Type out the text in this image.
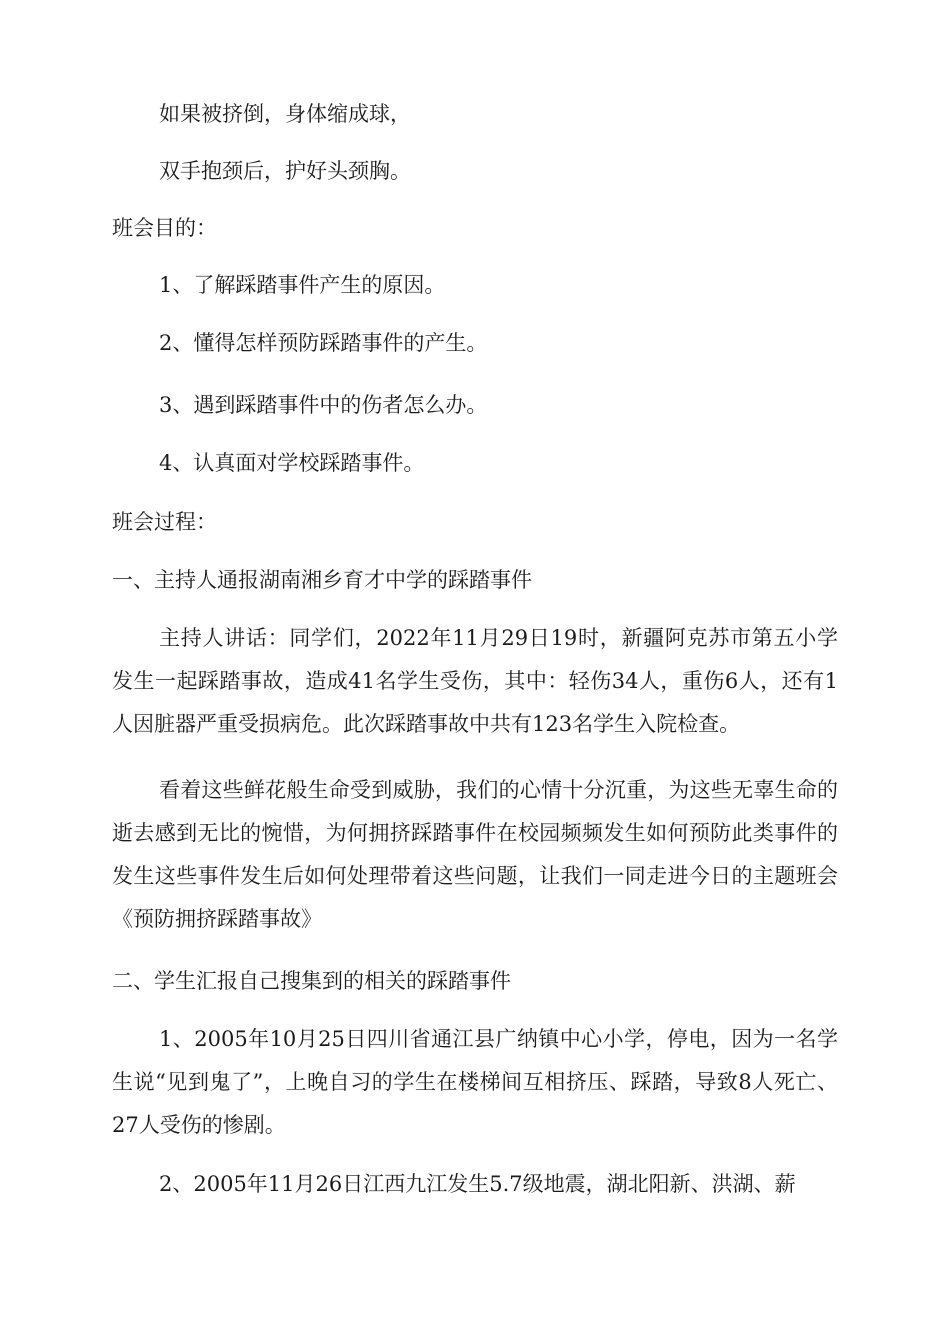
如果被挤倒，身体缩成球，
双手抱颈后，护好头颈胸。
班会目的：
1、了解踩踏事件产生的原因。
2、懂得怎样预防踩踏事件的产生。
3、遇到踩踏事件中的伤者怎么办。
4、认真面对学校踩踏事件。
班会过程：
一、主持人通报湖南湘乡育才中学的踩踏事件
主持人讲话：同学们，2022年11月29日19时，新疆阿克苏市第五小学发生一起踩踏事故，造成41名学生受伤，其中：轻伤34人，重伤6人，还有1人因脏器严重受损病危。此次踩踏事故中共有123名学生入院检查。
看着这些鲜花般生命受到威胁，我们的心情十分沉重，为这些无辜生命的逝去感到无比的惋惜，为何拥挤踩踏事件在校园频频发生如何预防此类事件的发生这些事件发生后如何处理带着这些问题，让我们一同走进今日的主题班会《预防拥挤踩踏事故》
二、学生汇报自己搜集到的相关的踩踏事件
1、2005年10月25日四川省通江县广纳镇中心小学，停电，因为一名学生说“见到鬼了”，上晚自习的学生在楼梯间互相挤压、踩踏，导致8人死亡、27人受伤的惨剧。
2、2005年11月26日江西九江发生5.7级地震，湖北阳新、洪湖、薪
